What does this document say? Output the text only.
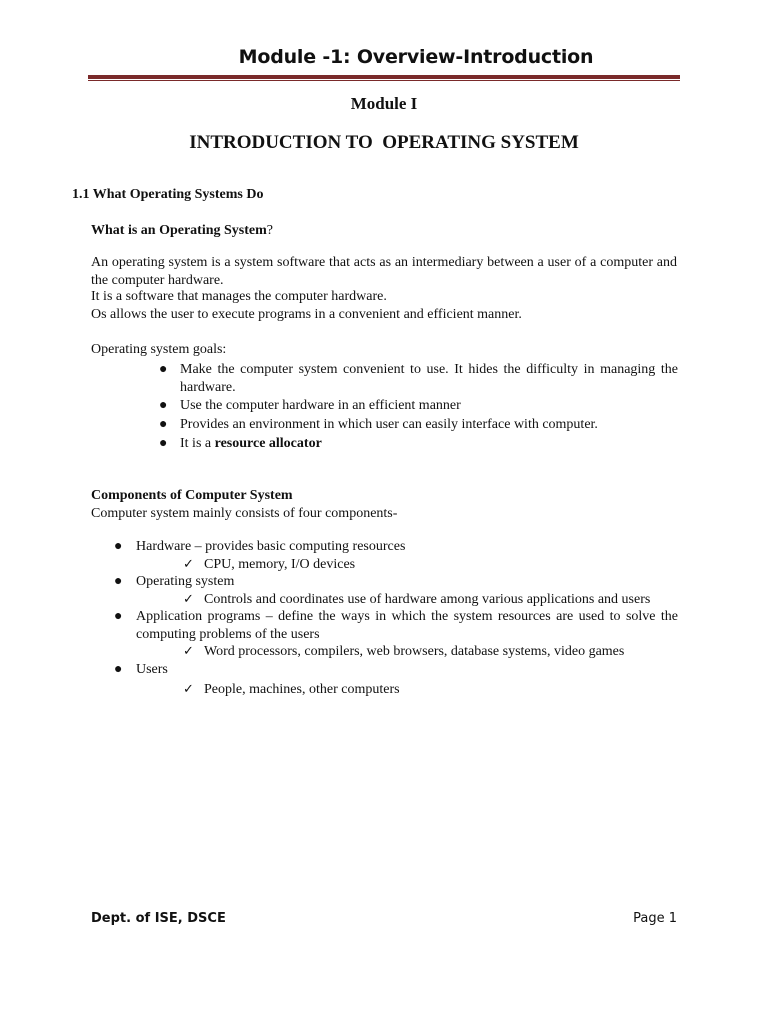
Module -1: Overview-Introduction
Module I
INTRODUCTION TO  OPERATING SYSTEM
1.1 What Operating Systems Do
What is an Operating System?
An operating system is a system software that acts as an intermediary between a user of a computer and the computer hardware.
It is a software that manages the computer hardware.
Os allows the user to execute programs in a convenient and efficient manner.
Operating system goals:
● Make the computer system convenient to use. It hides the difficulty in managing the hardware.
● Use the computer hardware in an efficient manner
● Provides an environment in which user can easily interface with computer.
● It is a resource allocator
Components of Computer System
Computer system mainly consists of four components-
● Hardware – provides basic computing resources
✓ CPU, memory, I/O devices
● Operating system
✓ Controls and coordinates use of hardware among various applications and users
● Application programs – define the ways in which the system resources are used to solve the computing problems of the users
✓ Word processors, compilers, web browsers, database systems, video games
● Users
✓ People, machines, other computers
Dept. of ISE, DSCE	Page 1
